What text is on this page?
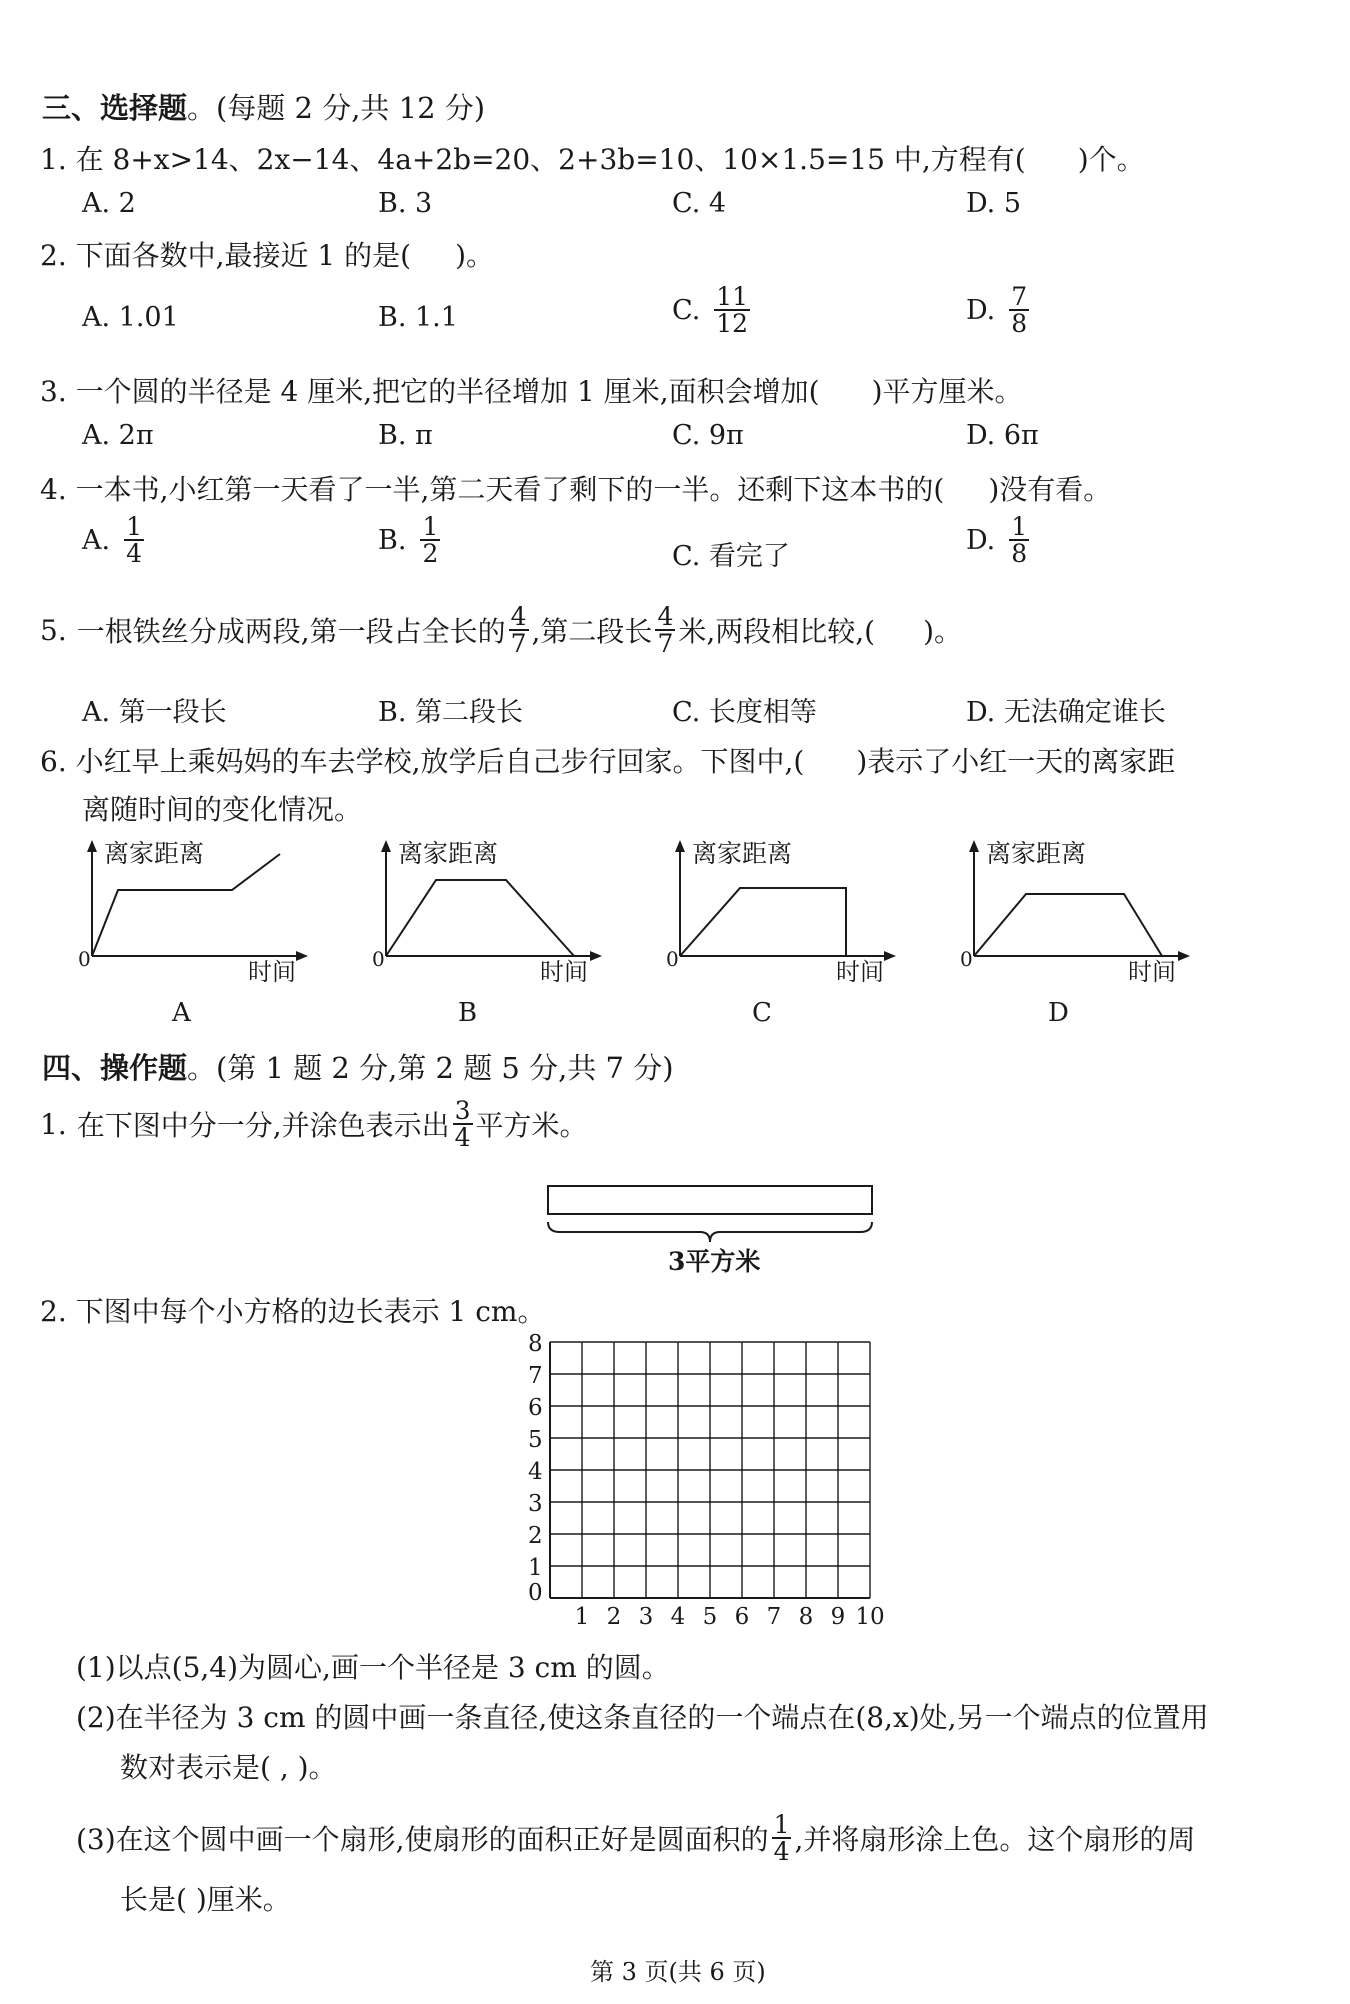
三、选择题。(每题 2 分,共 12 分)
1. 在 8+x>14、2x−14、4a+2b=20、2+3b=10、10×1.5=15 中,方程有( )个。
A. 2	B. 3	C. 4	D. 5
2. 下面各数中,最接近 1 的是( )。
A. 1.01	B. 1.1	C. $\frac{11}{12}$	D. $\frac{7}{8}$
3. 一个圆的半径是 4 厘米,把它的半径增加 1 厘米,面积会增加( )平方厘米。
A. 2π	B. π	C. 9π	D. 6π
4. 一本书,小红第一天看了一半,第二天看了剩下的一半。还剩下这本书的( )没有看。
A. $\frac{1}{4}$	B. $\frac{1}{2}$	C. 看完了
D. $\frac{1}{8}$
5. 一根铁丝分成两段,第一段占全长的 $\frac{4}{7}$ ,第二段长 $\frac{4}{7}$ 米,两段相比较,( )。
A. 第一段长	B. 第二段长	C. 长度相等	D. 无法确定谁长
6. 小红早上乘妈妈的车去学校,放学后自己步行回家。下图中,( )表示了小红一天的离家距
离随时间的变化情况。
离家距离
0	时间
A
离家距离
0	时间
B
离家距离
0	时间
C
离家距离
0	时间
D
四、操作题。(第 1 题 2 分,第 2 题 5 分,共 7 分)
1. 在下图中分一分,并涂色表示出 $\frac{3}{4}$ 平方米。
3平方米
2. 下图中每个小方格的边长表示 1 cm。
0
1
2
3
4
5
6
7
8
1 2 3 4 5 6 7 8 9 10
(1)以点(5,4)为圆心,画一个半径是 3 cm 的圆。
(2)在半径为 3 cm 的圆中画一条直径,使这条直径的一个端点在(8,x)处,另一个端点的位置用
数对表示是( , )。
(3)在这个圆中画一个扇形,使扇形的面积正好是圆面积的 $\frac{1}{4}$ ,并将扇形涂上色。这个扇形的周
长是( )厘米。
第 3 页(共 6 页)
